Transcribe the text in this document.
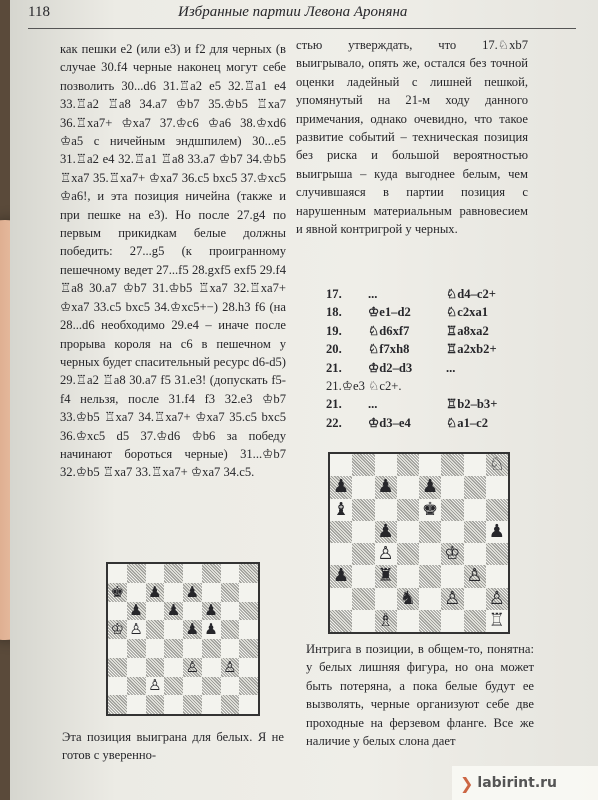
118	Избранные партии Левона Ароняна

как пешки e2 (или e3) и f2 для черных (в случае 30.f4 черные наконец могут себе позволить 30...d6 31.♖a2 e5 32.♖a1 e4 33.♖a2 ♖a8 34.a7 ♔b7 35.♔b5 ♖xa7 36.♖xa7+ ♔xa7 37.♔c6 ♔a6 38.♔xd6 ♔a5 с ничейным эндшпилем) 30...e5 31.♖a2 e4 32.♖a1 ♖a8 33.a7 ♔b7 34.♔b5 ♖xa7 35.♖xa7+ ♔xa7 36.c5 bxc5 37.♔xc5 ♔a6!, и эта позиция ничейна (также и при пешке на e3). Но после 27.g4 по первым прикидкам белые должны победить: 27...g5 (к проигранному пешечному ведет 27...f5 28.gxf5 exf5 29.f4 ♖a8 30.a7 ♔b7 31.♔b5 ♖xa7 32.♖xa7+ ♔xa7 33.c5 bxc5 34.♔xc5+−) 28.h3 f6 (на 28...d6 необходимо 29.e4 – иначе после прорыва короля на c6 в пешечном у черных будет спасительный ресурс d6-d5) 29.♖a2 ♖a8 30.a7 f5 31.e3! (допускать f5-f4 нельзя, после 31.f4 f3 32.e3 ♔b7 33.♔b5 ♖xa7 34.♖xa7+ ♔xa7 35.c5 bxc5 36.♔xc5 d5 37.♔d6 ♔b6 за победу начинают бороться черные) 31...♔b7 32.♔b5 ♖xa7 33.♖xa7+ ♔xa7 34.c5.

стью утверждать, что 17.♘xb7 выигрывало, опять же, остался без точной оценки ладейный с лишней пешкой, упомянутый на 21-м ходу данного примечания, однако очевидно, что такое развитие событий – техническая позиция без риска и большой вероятностью выигрыша – куда выгоднее белым, чем случившаяся в партии позиция с нарушенным материальным равновесием и явной контригрой у черных.

17. ...	♘d4–c2+
18. ♔e1–d2	♘c2xa1
19. ♘d6xf7	♖a8xa2
20. ♘f7xh8	♖a2xb2+
21. ♔d2–d3	...
21.♔e3 ♘c2+.
21. ...	♖b2–b3+
22. ♔d3–e4	♘a1–c2
♚ ♟ ♟
♟ ♟ ♟
♔ ♙	♟ ♟
♙ ♙
♙
♘
♟ ♟ ♟
♝	♚
♟	♟
♙	♔
♟ ♜	♙
♞ ♙ ♙
♗	♖
Эта позиция выиграна для белых. Я не готов с уверенно-
Интрига в позиции, в общем-то, понятна: у белых лишняя фигура, но она может быть потеряна, а пока белые будут ее вызволять, черные организуют себе две проходные на ферзевом фланге. Все же наличие у белых слона дает
❯ labirint.ru
